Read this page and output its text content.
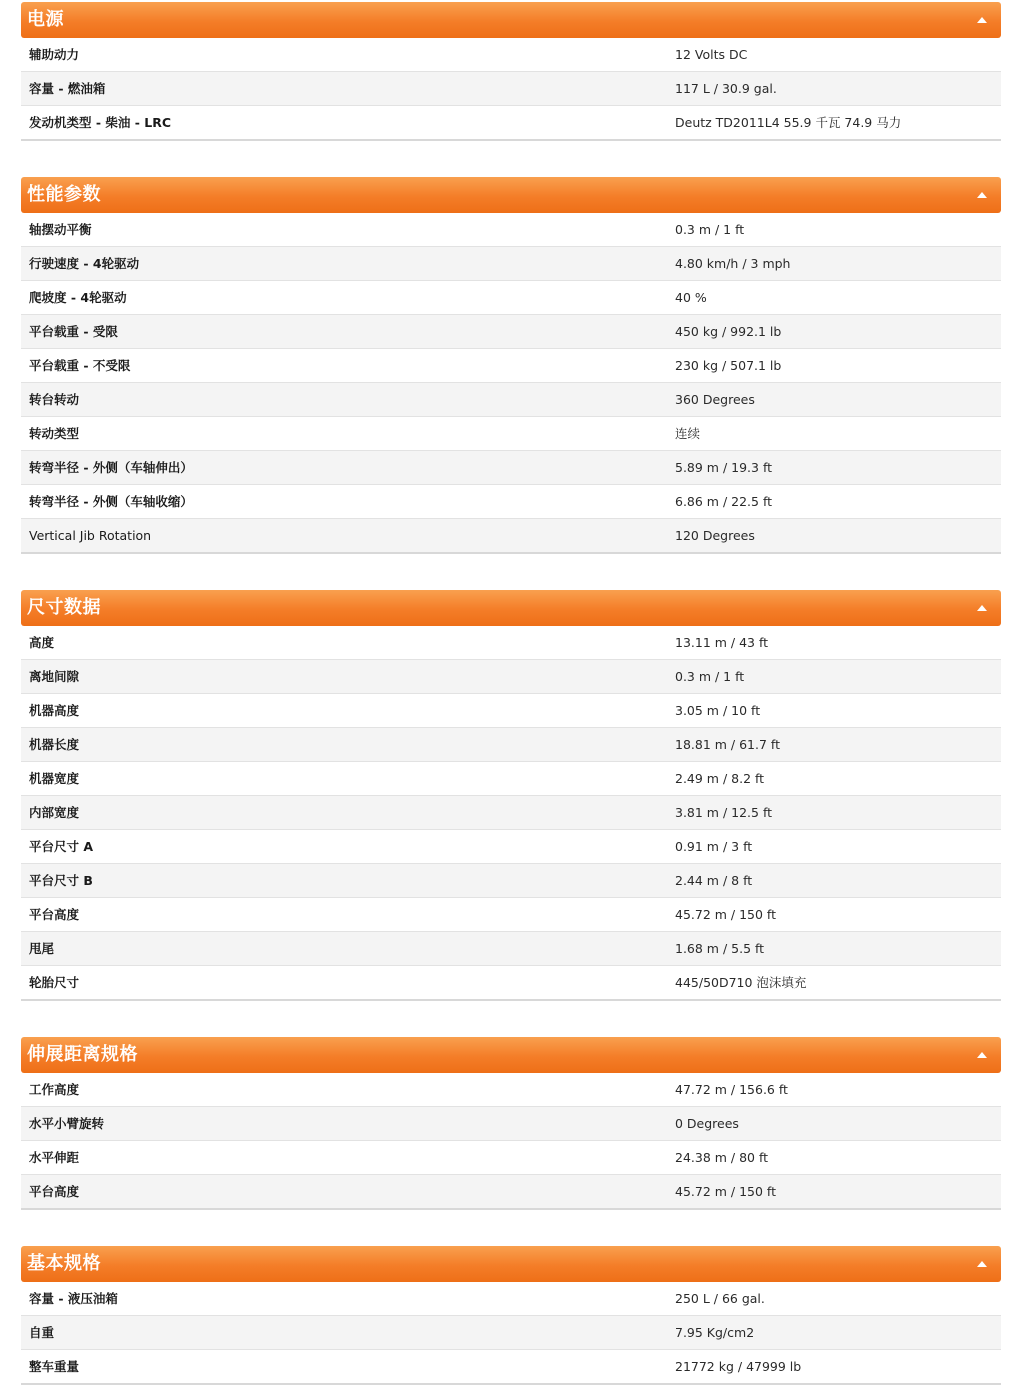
电源
辅助动力	12 Volts DC
容量 - 燃油箱	117 L / 30.9 gal.
发动机类型 - 柴油 - LRC	Deutz TD2011L4 55.9 千瓦 74.9 马力
性能参数
轴摆动平衡	0.3 m / 1 ft
行驶速度 - 4轮驱动	4.80 km/h / 3 mph
爬坡度 - 4轮驱动	40 %
平台载重 - 受限	450 kg / 992.1 lb
平台载重 - 不受限	230 kg / 507.1 lb
转台转动	360 Degrees
转动类型	连续
转弯半径 - 外侧（车轴伸出）	5.89 m / 19.3 ft
转弯半径 - 外侧（车轴收缩）	6.86 m / 22.5 ft
Vertical Jib Rotation	120 Degrees
尺寸数据
高度	13.11 m / 43 ft
离地间隙	0.3 m / 1 ft
机器高度	3.05 m / 10 ft
机器长度	18.81 m / 61.7 ft
机器宽度	2.49 m / 8.2 ft
内部宽度	3.81 m / 12.5 ft
平台尺寸 A	0.91 m / 3 ft
平台尺寸 B	2.44 m / 8 ft
平台高度	45.72 m / 150 ft
甩尾	1.68 m / 5.5 ft
轮胎尺寸	445/50D710 泡沫填充
伸展距离规格
工作高度	47.72 m / 156.6 ft
水平小臂旋转	0 Degrees
水平伸距	24.38 m / 80 ft
平台高度	45.72 m / 150 ft
基本规格
容量 - 液压油箱	250 L / 66 gal.
自重	7.95 Kg/cm2
整车重量	21772 kg / 47999 lb
